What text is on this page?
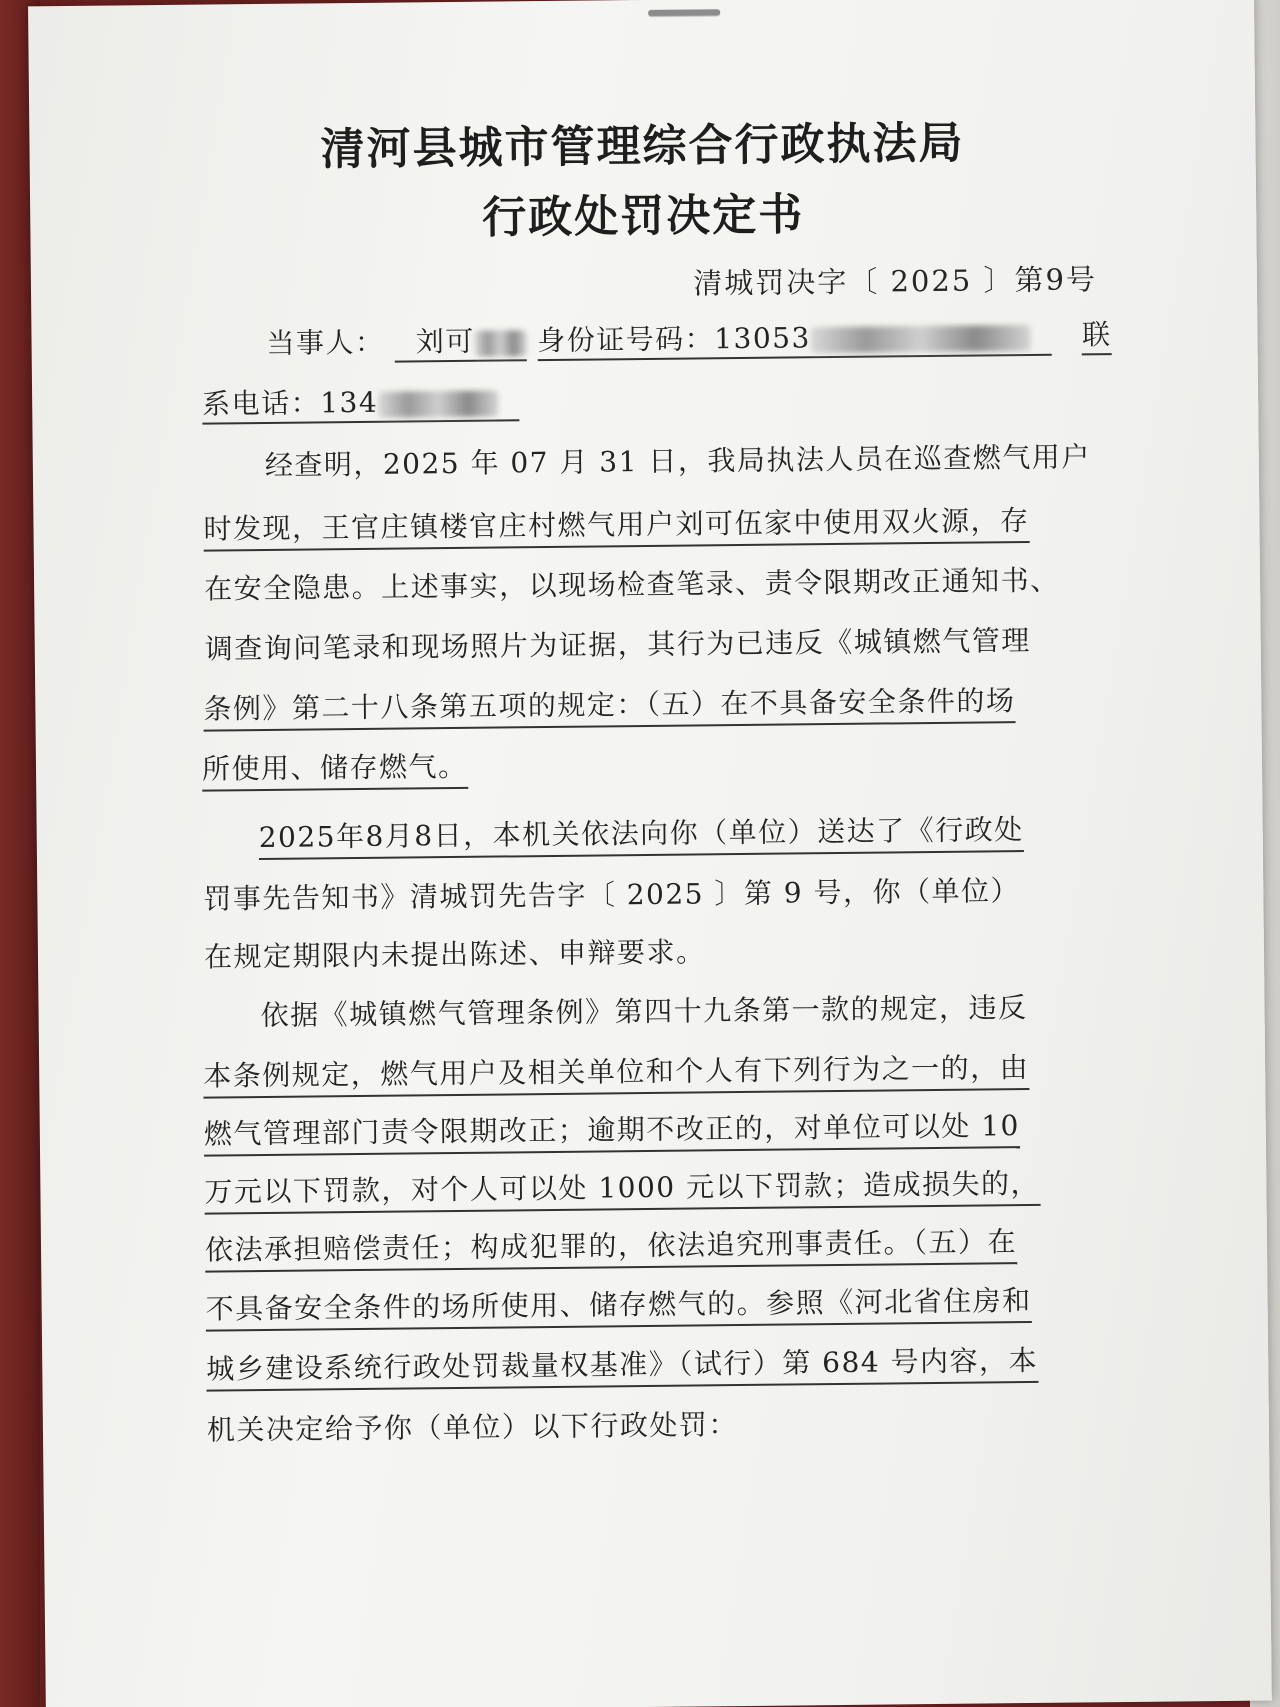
清河县城市管理综合行政执法局
行政处罚决定书
清城罚决字〔 2025 〕第9号
当事人： 刘可 身份证号码：13053	联
系电话：134
经查明，2025 年 07 月 31 日，我局执法人员在巡查燃气用户
时发现，王官庄镇楼官庄村燃气用户刘可伍家中使用双火源，存
在安全隐患。上述事实，以现场检查笔录、责令限期改正通知书、
调查询问笔录和现场照片为证据，其行为已违反《城镇燃气管理
条例》第二十八条第五项的规定：（五）在不具备安全条件的场
所使用、储存燃气。
2025年8月8日，本机关依法向你（单位）送达了《行政处
罚事先告知书》清城罚先告字〔 2025 〕第 9 号，你（单位）
在规定期限内未提出陈述、申辩要求。
依据《城镇燃气管理条例》第四十九条第一款的规定，违反
本条例规定，燃气用户及相关单位和个人有下列行为之一的，由
燃气管理部门责令限期改正；逾期不改正的，对单位可以处 10
万元以下罚款，对个人可以处 1000 元以下罚款；造成损失的，
依法承担赔偿责任；构成犯罪的，依法追究刑事责任。（五）在
不具备安全条件的场所使用、储存燃气的。参照《河北省住房和
城乡建设系统行政处罚裁量权基准》（试行）第 684 号内容，本
机关决定给予你（单位）以下行政处罚：
